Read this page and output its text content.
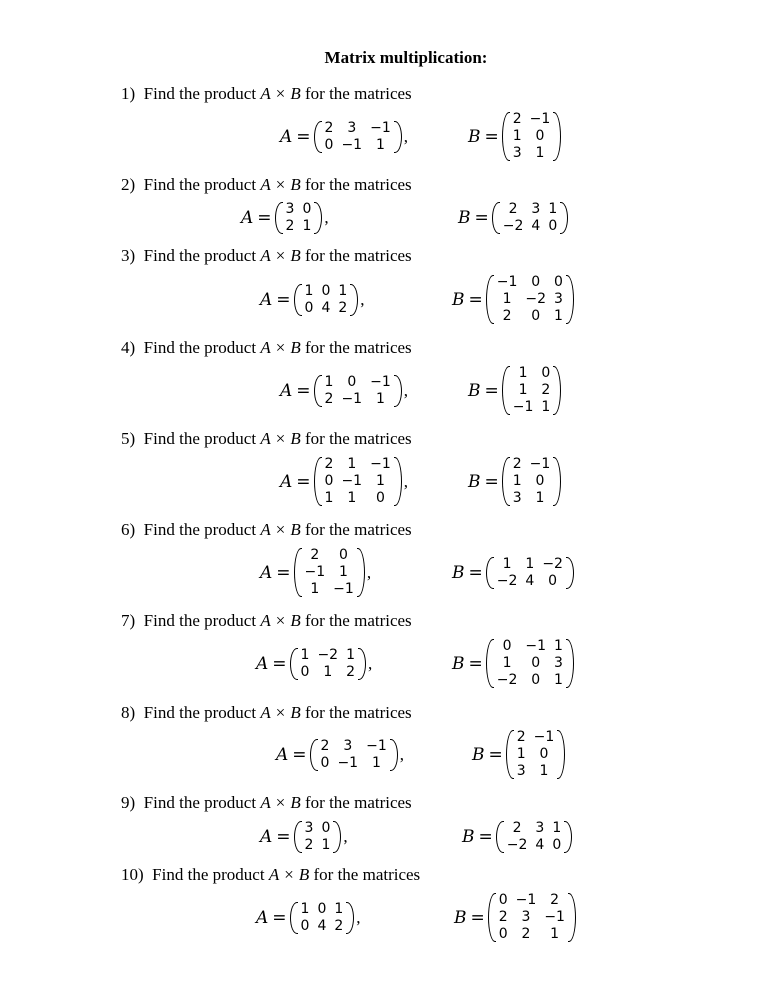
Matrix multiplication:
1) Find the product A × B for the matrices
A = 2	3	−1
0	−1	1 ,	B =
2	−1
1	0
3	1
2) Find the product A × B for the matrices
A = 3	0
2	1 ,	B = 2	3	1
−2	4	0
3) Find the product A × B for the matrices
A = 1	0	1
0	4	2 ,	B =
−1	0	0
1	−2	3
2	0	1
4) Find the product A × B for the matrices
A = 1	0	−1
2	−1	1 ,	B =
1	0
1	2
−1	1
5) Find the product A × B for the matrices
A =
2	1	−1
0	−1	1
1	1	0
,	B =
2	−1
1	0
3	1
6) Find the product A × B for the matrices
A =
2	0
−1	1
1	−1
,	B = 1	1	−2
−2	4	0
7) Find the product A × B for the matrices
A = 1	−2	1
0	1	2 ,	B =
0	−1	1
1	0	3
−2	0	1
8) Find the product A × B for the matrices
A = 2	3	−1
0	−1	1 ,	B =
2	−1
1	0
3	1
9) Find the product A × B for the matrices
A = 3	0
2	1 ,	B = 2	3	1
−2	4	0
10) Find the product A × B for the matrices
A = 1	0	1
0	4	2 ,	B =
0	−1	2
2	3	−1
0	2	1
